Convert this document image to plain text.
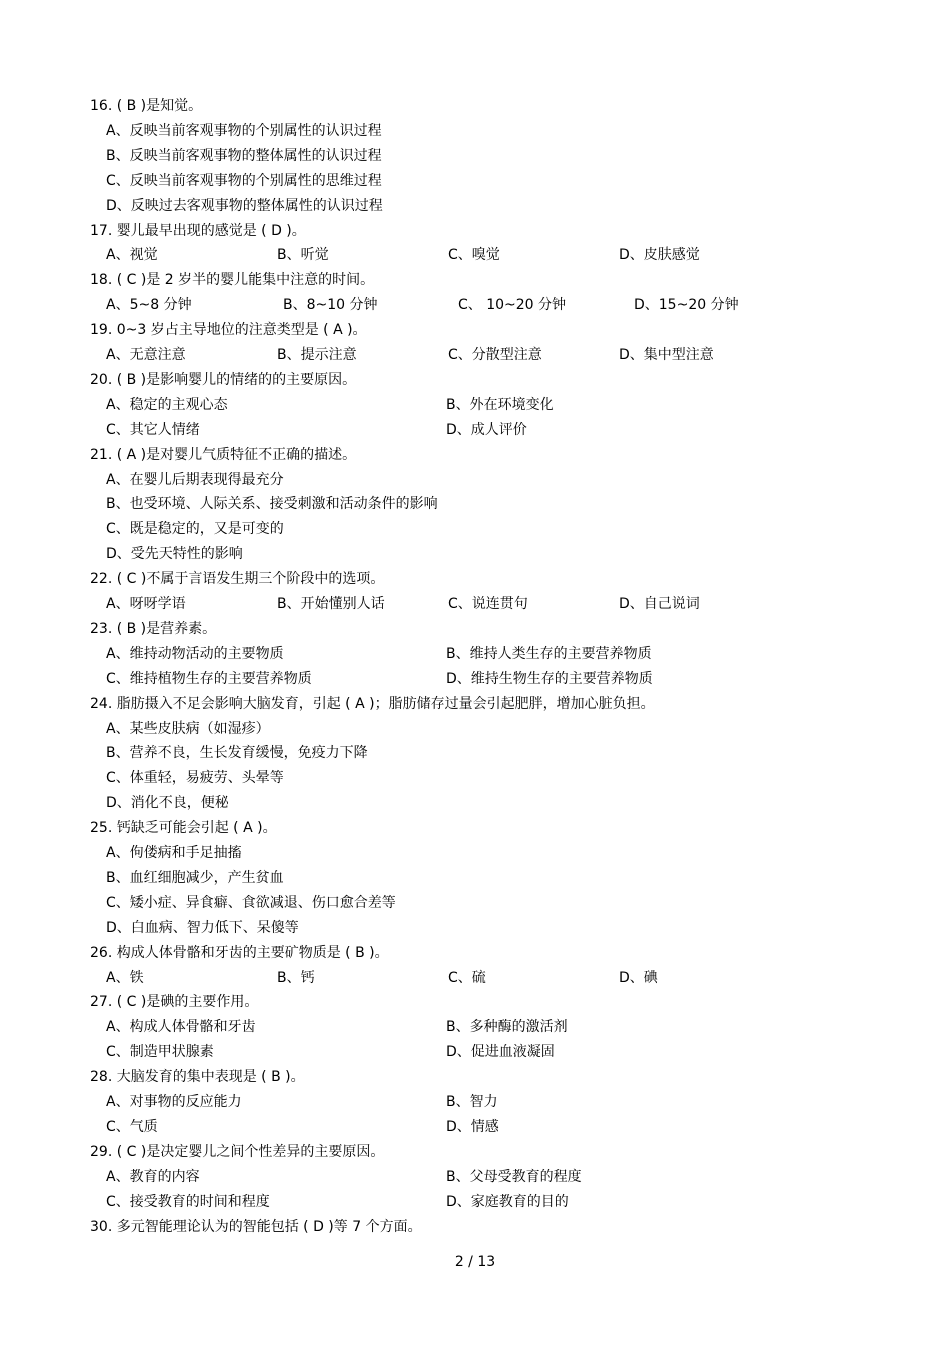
16. ( B )是知觉。
A、反映当前客观事物的个别属性的认识过程
B、反映当前客观事物的整体属性的认识过程
C、反映当前客观事物的个别属性的思维过程
D、反映过去客观事物的整体属性的认识过程
17. 婴儿最早出现的感觉是 ( D )。
A、视觉	B、听觉	C、嗅觉	D、皮肤感觉
18. ( C )是 2 岁半的婴儿能集中注意的时间。
A、5~8 分钟	B、8~10 分钟	C、 10~20 分钟	D、15~20 分钟
19. 0~3 岁占主导地位的注意类型是 ( A )。
A、无意注意	B、提示注意	C、分散型注意	D、集中型注意
20. ( B )是影响婴儿的情绪的的主要原因。
A、稳定的主观心态	B、外在环境变化
C、其它人情绪	D、成人评价
21. ( A )是对婴儿气质特征不正确的描述。
A、在婴儿后期表现得最充分
B、也受环境、人际关系、接受刺激和活动条件的影响
C、既是稳定的，又是可变的
D、受先天特性的影响
22. ( C )不属于言语发生期三个阶段中的选项。
A、呀呀学语	B、开始懂别人话	C、说连贯句	D、自己说词
23. ( B )是营养素。
A、维持动物活动的主要物质	B、维持人类生存的主要营养物质
C、维持植物生存的主要营养物质	D、维持生物生存的主要营养物质
24. 脂肪摄入不足会影响大脑发育，引起 ( A )；脂肪储存过量会引起肥胖，增加心脏负担。
A、某些皮肤病（如湿疹）
B、营养不良，生长发育缓慢，免疫力下降
C、体重轻，易疲劳、头晕等
D、消化不良，便秘
25. 钙缺乏可能会引起 ( A )。
A、佝偻病和手足抽搐
B、血红细胞减少，产生贫血
C、矮小症、异食癖、食欲减退、伤口愈合差等
D、白血病、智力低下、呆傻等
26. 构成人体骨骼和牙齿的主要矿物质是 ( B )。
A、铁	B、钙	C、硫	D、碘
27. ( C )是碘的主要作用。
A、构成人体骨骼和牙齿	B、多种酶的激活剂
C、制造甲状腺素	D、促进血液凝固
28. 大脑发育的集中表现是 ( B )。
A、对事物的反应能力	B、智力
C、气质	D、情感
29. ( C )是决定婴儿之间个性差异的主要原因。
A、教育的内容	B、父母受教育的程度
C、接受教育的时间和程度	D、家庭教育的目的
30. 多元智能理论认为的智能包括 ( D )等 7 个方面。
2 / 13
